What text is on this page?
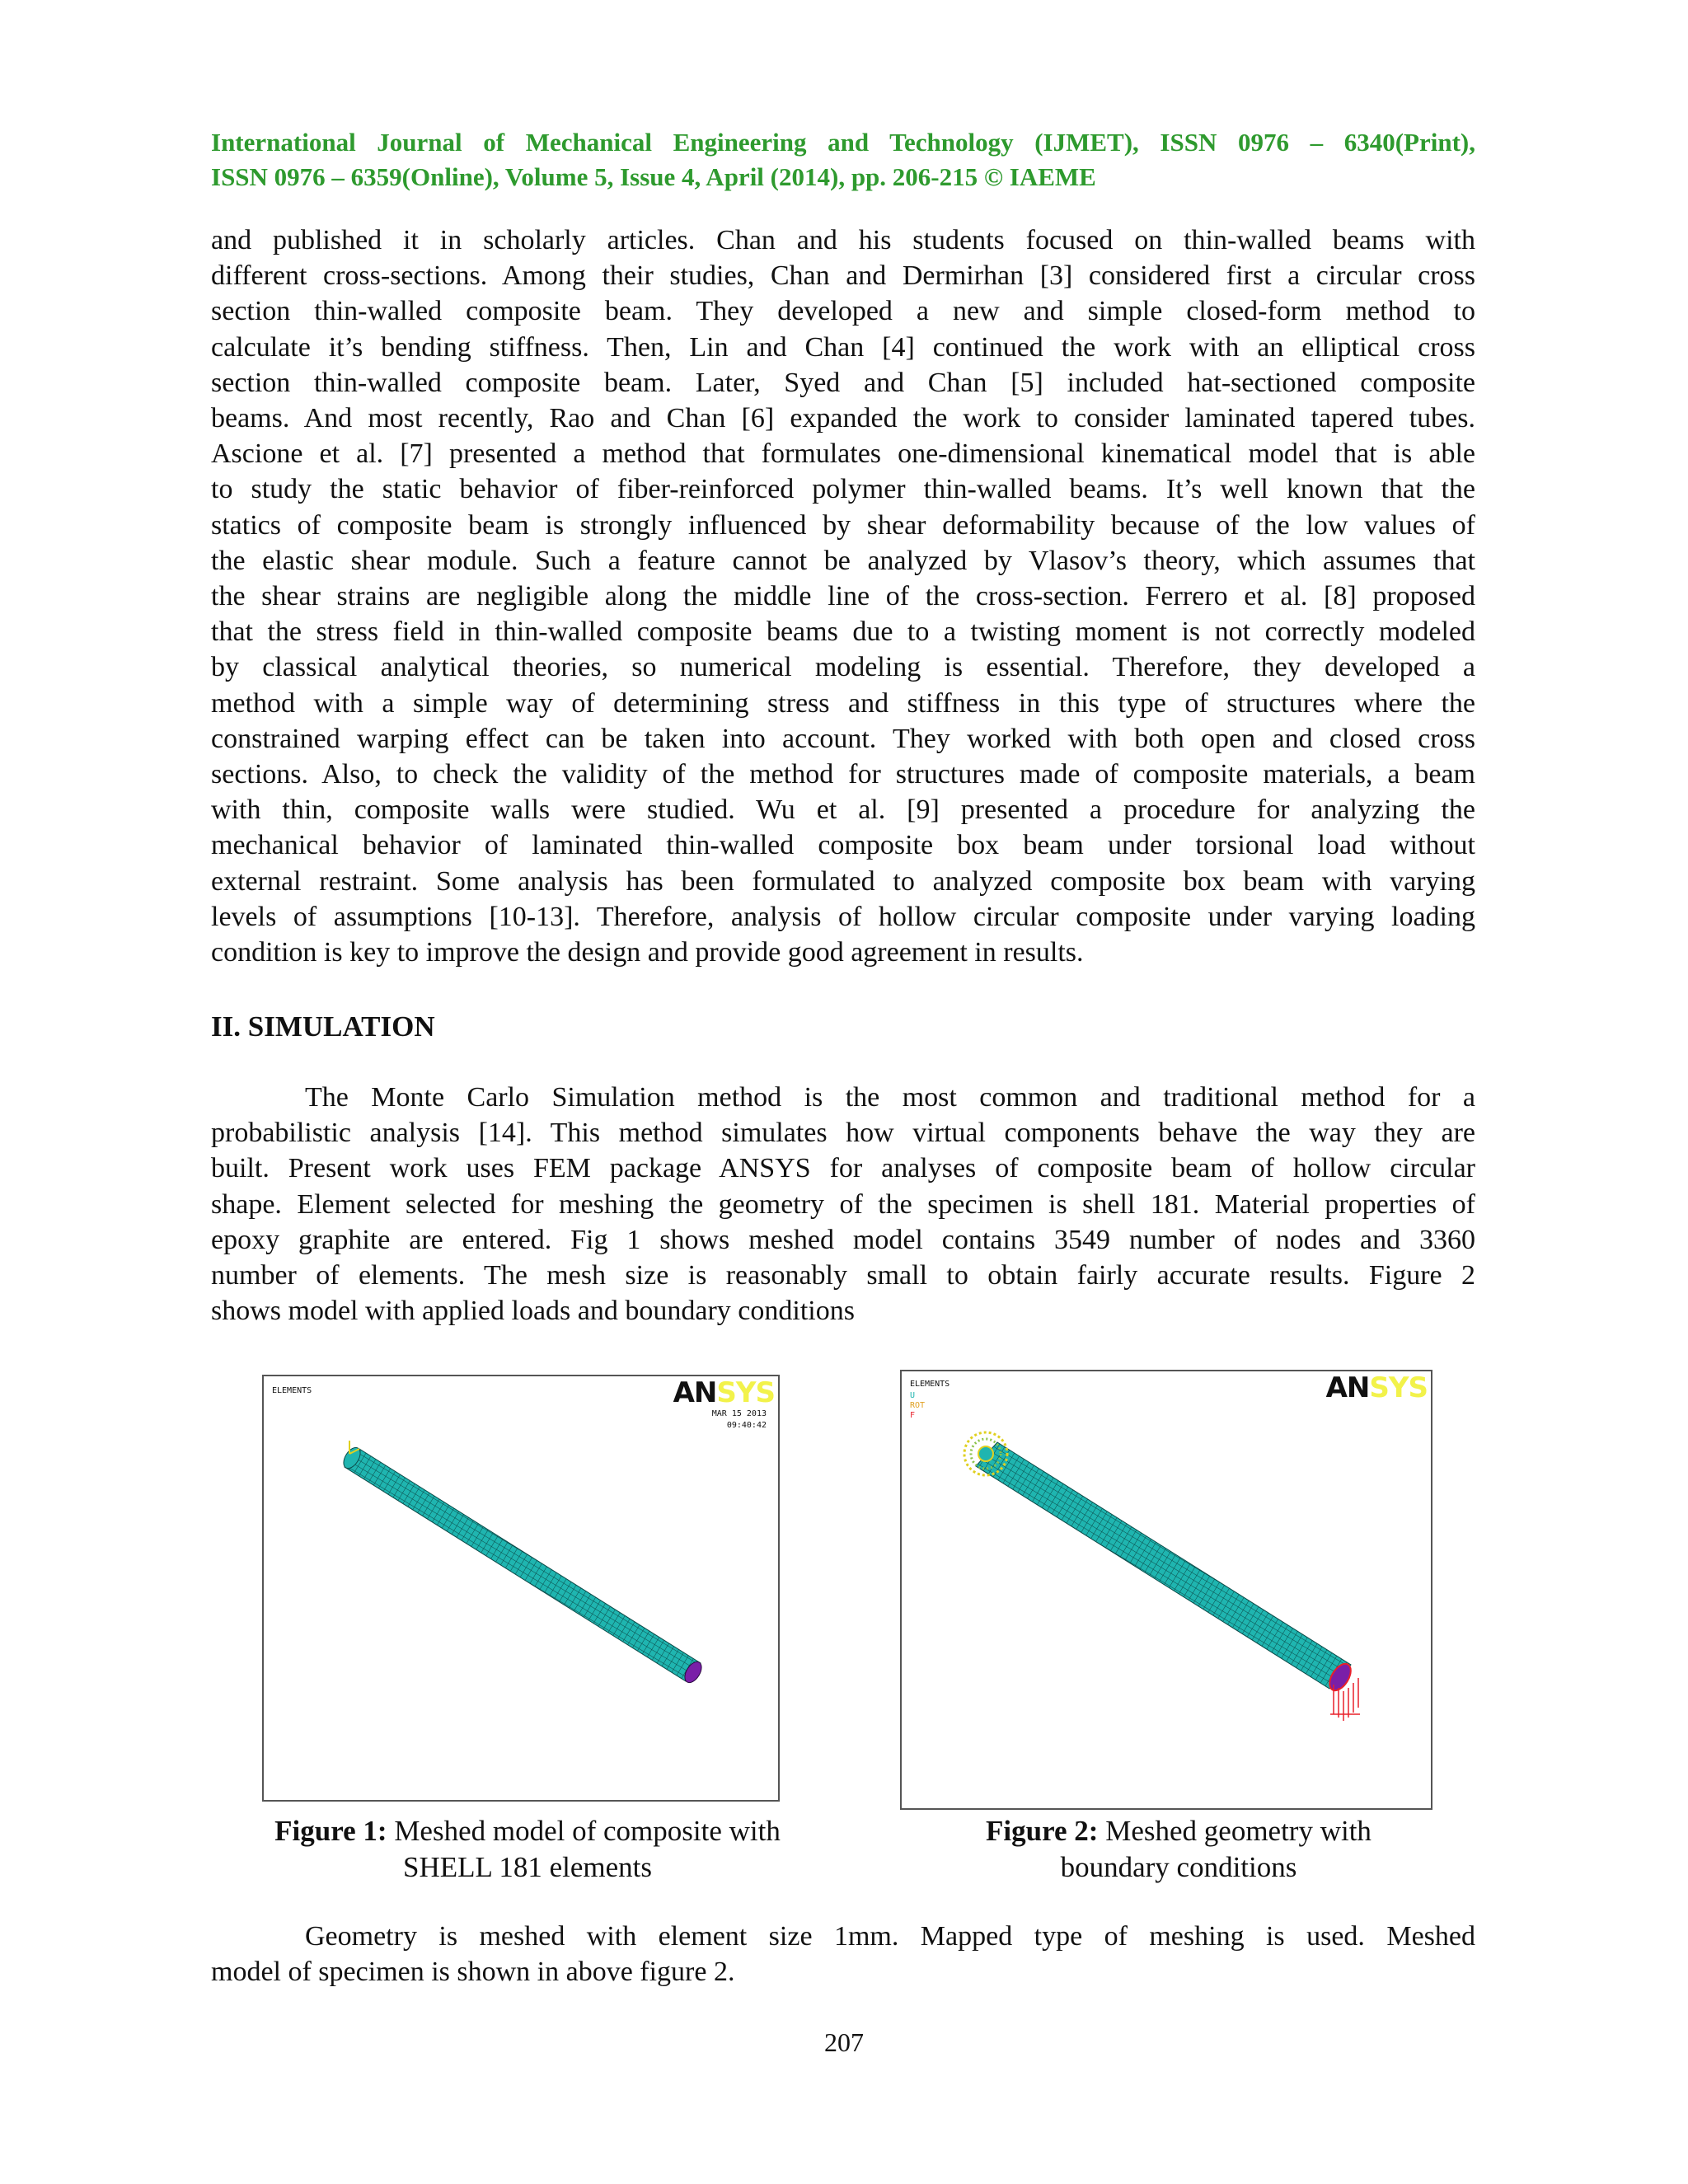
International Journal of Mechanical Engineering and Technology (IJMET), ISSN 0976 – 6340(Print),
ISSN 0976 – 6359(Online), Volume 5, Issue 4, April (2014), pp. 206-215 © IAEME
and published it in scholarly articles. Chan and his students focused on thin-walled beams with
different cross-sections. Among their studies, Chan and Dermirhan [3] considered first a circular cross
section thin-walled composite beam. They developed a new and simple closed-form method to
calculate it’s bending stiffness. Then, Lin and Chan [4] continued the work with an elliptical cross
section thin-walled composite beam. Later, Syed and Chan [5] included hat-sectioned composite
beams. And most recently, Rao and Chan [6] expanded the work to consider laminated tapered tubes.
Ascione et al. [7] presented a method that formulates one-dimensional kinematical model that is able
to study the static behavior of fiber-reinforced polymer thin-walled beams. It’s well known that the
statics of composite beam is strongly influenced by shear deformability because of the low values of
the elastic shear module. Such a feature cannot be analyzed by Vlasov’s theory, which assumes that
the shear strains are negligible along the middle line of the cross-section. Ferrero et al. [8] proposed
that the stress field in thin-walled composite beams due to a twisting moment is not correctly modeled
by classical analytical theories, so numerical modeling is essential. Therefore, they developed a
method with a simple way of determining stress and stiffness in this type of structures where the
constrained warping effect can be taken into account. They worked with both open and closed cross
sections. Also, to check the validity of the method for structures made of composite materials, a beam
with thin, composite walls were studied. Wu et al. [9] presented a procedure for analyzing the
mechanical behavior of laminated thin-walled composite box beam under torsional load without
external restraint. Some analysis has been formulated to analyzed composite box beam with varying
levels of assumptions [10-13]. Therefore, analysis of hollow circular composite under varying loading
condition is key to improve the design and provide good agreement in results.
II. SIMULATION
The Monte Carlo Simulation method is the most common and traditional method for a
probabilistic analysis [14]. This method simulates how virtual components behave the way they are
built. Present work uses FEM package ANSYS for analyses of composite beam of hollow circular
shape. Element selected for meshing the geometry of the specimen is shell 181. Material properties of
epoxy graphite are entered. Fig 1 shows meshed model contains 3549 number of nodes and 3360
number of elements. The mesh size is reasonably small to obtain fairly accurate results. Figure 2
shows model with applied loads and boundary conditions
ELEMENTS
MAR 15 2013
09:40:42
ANSYS	ELEMENTS
U
ROT
F
ANSYS
Figure 1: Meshed model of composite with
SHELL 181 elements
Figure 2: Meshed geometry with
boundary conditions
Geometry is meshed with element size 1mm. Mapped type of meshing is used. Meshed
model of specimen is shown in above figure 2.
207
